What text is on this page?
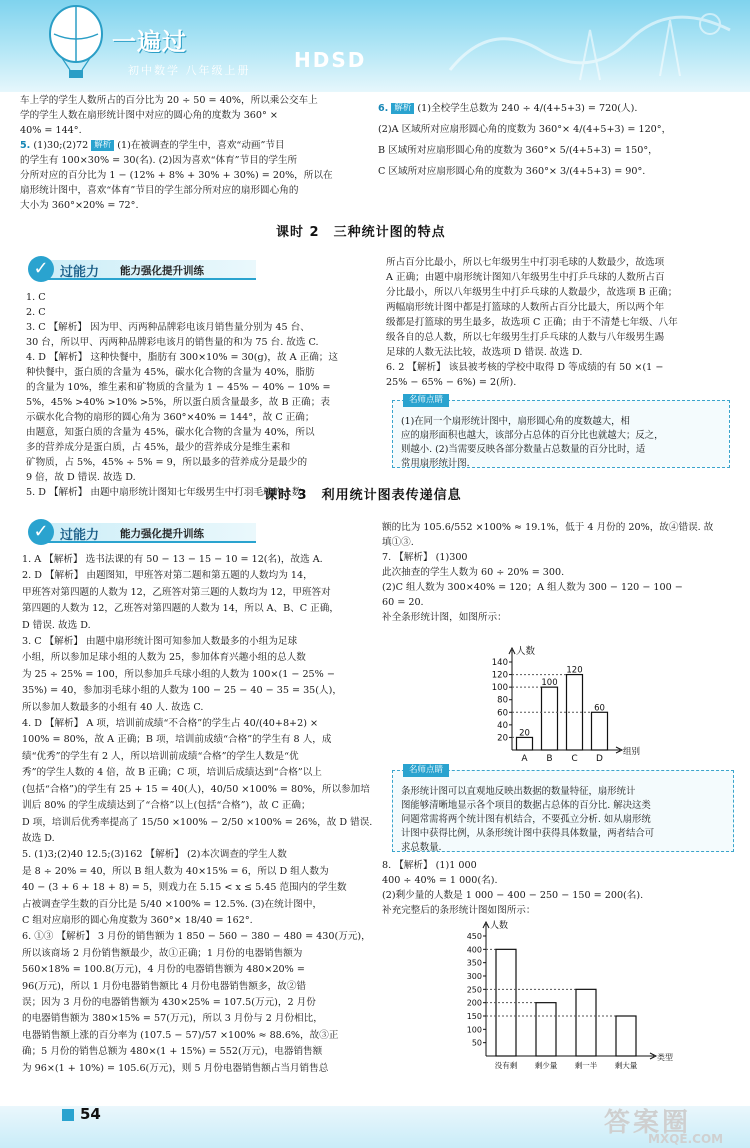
一遍过
初中数学 八年级上册 HDSD

车上学的学生人数所占的百分比为 20 ÷ 50 = 40%，所以乘公交车上

学的学生人数在扇形统计图中对应的圆心角的度数为 360° ×

40% = 144°.

5. (1)30;(2)72 解析 (1)在被调查的学生中，喜欢“动画”节目

的学生有 100×30% = 30(名). (2)因为喜欢“体育”节目的学生所

分所对应的百分比为 1 − (12% + 8% + 30% + 30%) = 20%，所以在

扇形统计图中，喜欢“体育”节目的学生部分所对应的扇形圆心角的

大小为 360°×20% = 72°.

6. 解析 (1)全校学生总数为 240 ÷ 4/(4+5+3) = 720(人).

(2)A 区域所对应扇形圆心角的度数为 360°× 4/(4+5+3) = 120°，

B 区域所对应扇形圆心角的度数为 360°× 5/(4+5+3) = 150°，

C 区域所对应扇形圆心角的度数为 360°× 3/(4+5+3) = 90°.

课时 2　三种统计图的特点
✓ 过能力 能力强化提升训练

1. C

2. C

3. C 【解析】 因为甲、丙两种品牌彩电该月销售量分别为 45 台、

30 台，所以甲、丙两种品牌彩电该月的销售量的和为 75 台. 故选 C.

4. D 【解析】 这种快餐中，脂肪有 300×10% = 30(g)，故 A 正确；这

种快餐中，蛋白质的含量为 45%，碳水化合物的含量为 40%，脂肪

的含量为 10%，维生素和矿物质的含量为 1 − 45% − 40% − 10% =

5%，45% >40% >10% >5%，所以蛋白质含量最多，故 B 正确；表

示碳水化合物的扇形的圆心角为 360°×40% = 144°，故 C 正确；

由题意，知蛋白质的含量为 45%，碳水化合物的含量为 40%，所以

多的营养成分是蛋白质，占 45%，最少的营养成分是维生素和

矿物质，占 5%，45% ÷ 5% = 9，所以最多的营养成分是最少的

9 倍，故 D 错误. 故选 D.

5. D 【解析】 由题中扇形统计图知七年级男生中打羽毛球的人数

所占百分比最小，所以七年级男生中打羽毛球的人数最少，故选项

A 正确；由题中扇形统计图知八年级男生中打乒乓球的人数所占百

分比最小，所以八年级男生中打乒乓球的人数最少，故选项 B 正确；

两幅扇形统计图中都是打篮球的人数所占百分比最大，所以两个年

级都是打篮球的男生最多，故选项 C 正确；由于不清楚七年级、八年

级各自的总人数，所以七年级男生打乒乓球的人数与八年级男生踢

足球的人数无法比较，故选项 D 错误. 故选 D.

6. 2 【解析】 该县被考核的学校中取得 D 等成绩的有 50 ×(1 −

25% − 65% − 6%) = 2(所).

名师点睛

(1)在同一个扇形统计图中，扇形圆心角的度数越大，相

应的扇形面积也越大，该部分占总体的百分比也就越大；反之，

则越小. (2)当需要反映各部分数量占总数量的百分比时，适

常用扇形统计图.

课时 3　利用统计图表传递信息
✓ 过能力 能力强化提升训练

1. A 【解析】 选书法课的有 50 − 13 − 15 − 10 = 12(名)，故选 A.

2. D 【解析】 由题图知，甲班答对第二题和第五题的人数均为 14，

甲班答对第四题的人数为 12，乙班答对第三题的人数均为 12，甲班答对

第四题的人数为 12，乙班答对第四题的人数为 14，所以 A、B、C 正确，

D 错误. 故选 D.

3. C 【解析】 由题中扇形统计图可知参加人数最多的小组为足球

小组，所以参加足球小组的人数为 25，参加体育兴趣小组的总人数

为 25 ÷ 25% = 100，所以参加乒乓球小组的人数为 100×(1 − 25% −

35%) = 40，参加羽毛球小组的人数为 100 − 25 − 40 − 35 = 35(人)，

所以参加人数最多的小组有 40 人. 故选 C.

4. D 【解析】 A 项，培训前成绩“不合格”的学生占 40/(40+8+2) ×

100% = 80%，故 A 正确；B 项，培训前成绩“合格”的学生有 8 人，成

绩“优秀”的学生有 2 人，所以培训前成绩“合格”的学生人数是“优

秀”的学生人数的 4 倍，故 B 正确；C 项，培训后成绩达到“合格”以上

(包括“合格”)的学生有 25 + 15 = 40(人)，40/50 ×100% = 80%，所以参加培

训后 80% 的学生成绩达到了“合格”以上(包括“合格”)，故 C 正确；

D 项，培训后优秀率提高了 15/50 ×100% − 2/50 ×100% = 26%，故 D 错误.

故选 D.

5. (1)3;(2)40 12.5;(3)162 【解析】 (2)本次调查的学生人数

是 8 ÷ 20% = 40，所以 B 组人数为 40×15% = 6，所以 D 组人数为

40 − (3 + 6 + 18 + 8) = 5，则戏力在 5.15 < x ≤ 5.45 范围内的学生数

占被调查学生数的百分比是 5/40 ×100% = 12.5%. (3)在统计图中，

C 组对应扇形的圆心角度数为 360°× 18/40 = 162°.

6. ①③ 【解析】 3 月份的销售额为 1 850 − 560 − 380 − 480 = 430(万元)，

所以该商场 2 月份销售额最少，故①正确；1 月份的电器销售额为

560×18% = 100.8(万元)，4 月份的电器销售额为 480×20% =

96(万元)，所以 1 月份电器销售额比 4 月份电器销售额多，故②错

误；因为 3 月份的电器销售额为 430×25% = 107.5(万元)，2 月份

的电器销售额为 380×15% = 57(万元)，所以 3 月份与 2 月份相比，

电器销售额上涨的百分率为 (107.5 − 57)/57 ×100% ≈ 88.6%，故③正

确；5 月份的销售总额为 480×(1 + 15%) = 552(万元)，电器销售额

为 96×(1 + 10%) = 105.6(万元)，则 5 月份电器销售额占当月销售总

额的比为 105.6/552 ×100% ≈ 19.1%，低于 4 月份的 20%，故④错误. 故

填①③.

7. 【解析】 (1)300

此次抽查的学生人数为 60 ÷ 20% = 300.

(2)C 组人数为 300×40% = 120；A 组人数为 300 − 120 − 100 −

60 = 20.

补全条形统计图，如图所示：

人数
组别
20
40
60
80
100
120
140
20
A
100
B
120
C
60
D
名师点睛

条形统计图可以直观地反映出数据的数量特征，扇形统计

图能够清晰地显示各个项目的数据占总体的百分比. 解决这类

问题常需将两个统计图有机结合，不要孤立分析. 如从扇形统

计图中获得比例，从条形统计图中获得具体数量，两者结合可

求总数量.

8. 【解析】 (1)1 000

400 ÷ 40% = 1 000(名).

(2)剩少量的人数是 1 000 − 400 − 250 − 150 = 200(名).

补充完整后的条形统计图如图所示：

人数
类型
50
100
150
200
250
300
350
400
450
没有剩 剩少量 剩一半 剩大量
54	答案圈
MXQE.COM
